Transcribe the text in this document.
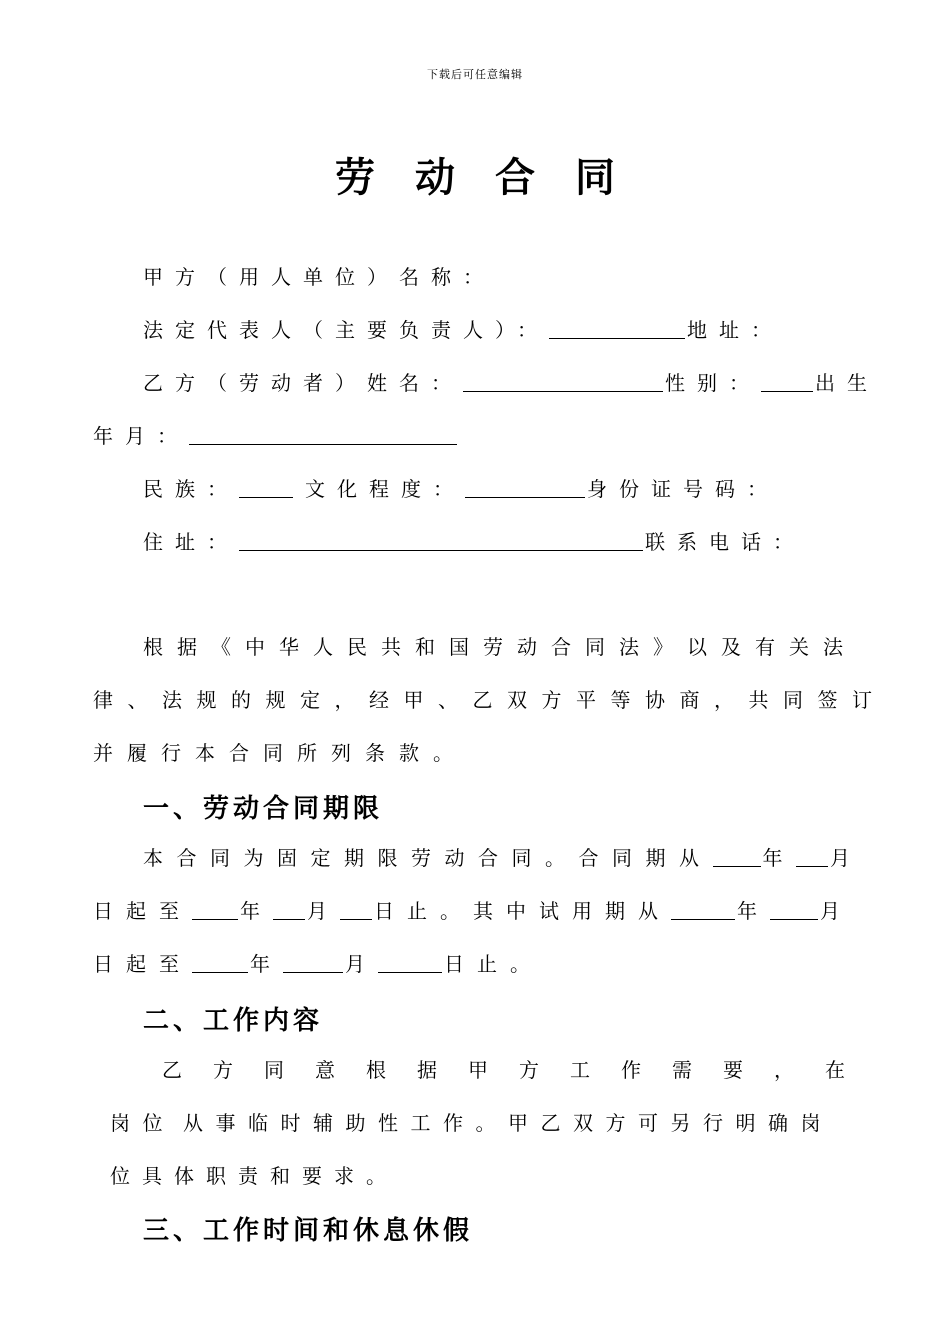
下载后可任意编辑
劳动合同
甲方（用人单位）名称：
法定代表人（主要负责人）：	地址：
乙方（劳动者）姓名：	性别：	出生
年月：
民族：	文化程度：	身份证号码：
住址：	联系电话：
根据《中华人民共和国劳动合同法》以及有关法
律、法规的规定，经甲、乙双方平等协商，共同签订
并履行本合同所列条款。
一、劳动合同期限
本合同为固定期限劳动合同。合同期从	年 月
日起至 年 月 日止。其中试用期从	年	月
日起至	年	月	日止。
二、工作内容
乙方同意根据甲方工作需要，在
岗位 从事临时辅助性工作。甲乙双方可另行明确岗
位具体职责和要求。
三、工作时间和休息休假
